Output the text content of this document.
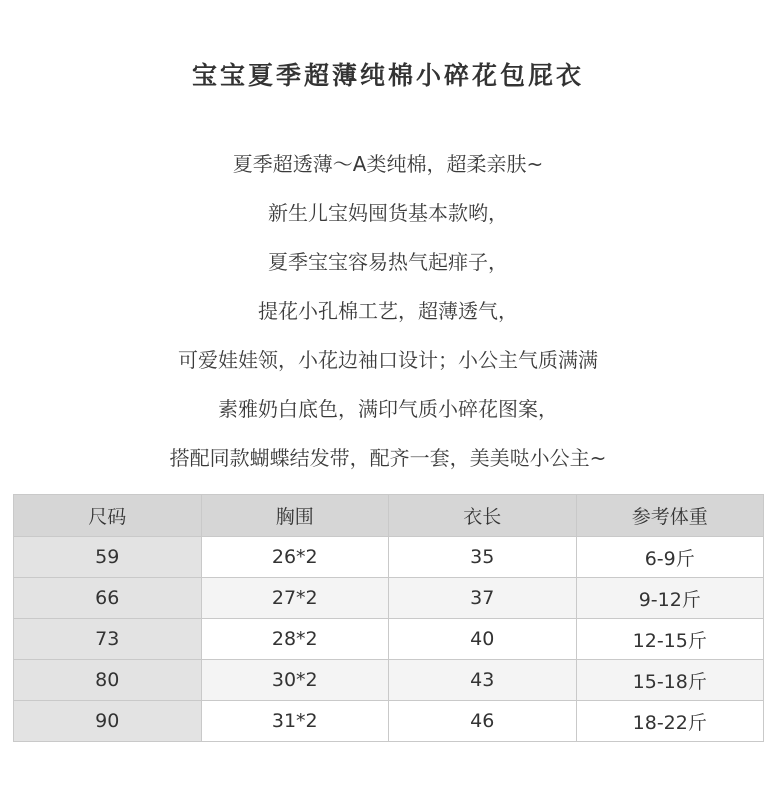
宝宝夏季超薄纯棉小碎花包屁衣
夏季超透薄～A类纯棉，超柔亲肤~
新生儿宝妈囤货基本款哟，
夏季宝宝容易热气起痱子，
提花小孔棉工艺，超薄透气，
可爱娃娃领，小花边袖口设计；小公主气质满满
素雅奶白底色，满印气质小碎花图案，
搭配同款蝴蝶结发带，配齐一套，美美哒小公主~
尺码	胸围	衣长	参考体重
59	26*2	35	6-9斤
66	27*2	37	9-12斤
73	28*2	40	12-15斤
80	30*2	43	15-18斤
90	31*2	46	18-22斤
